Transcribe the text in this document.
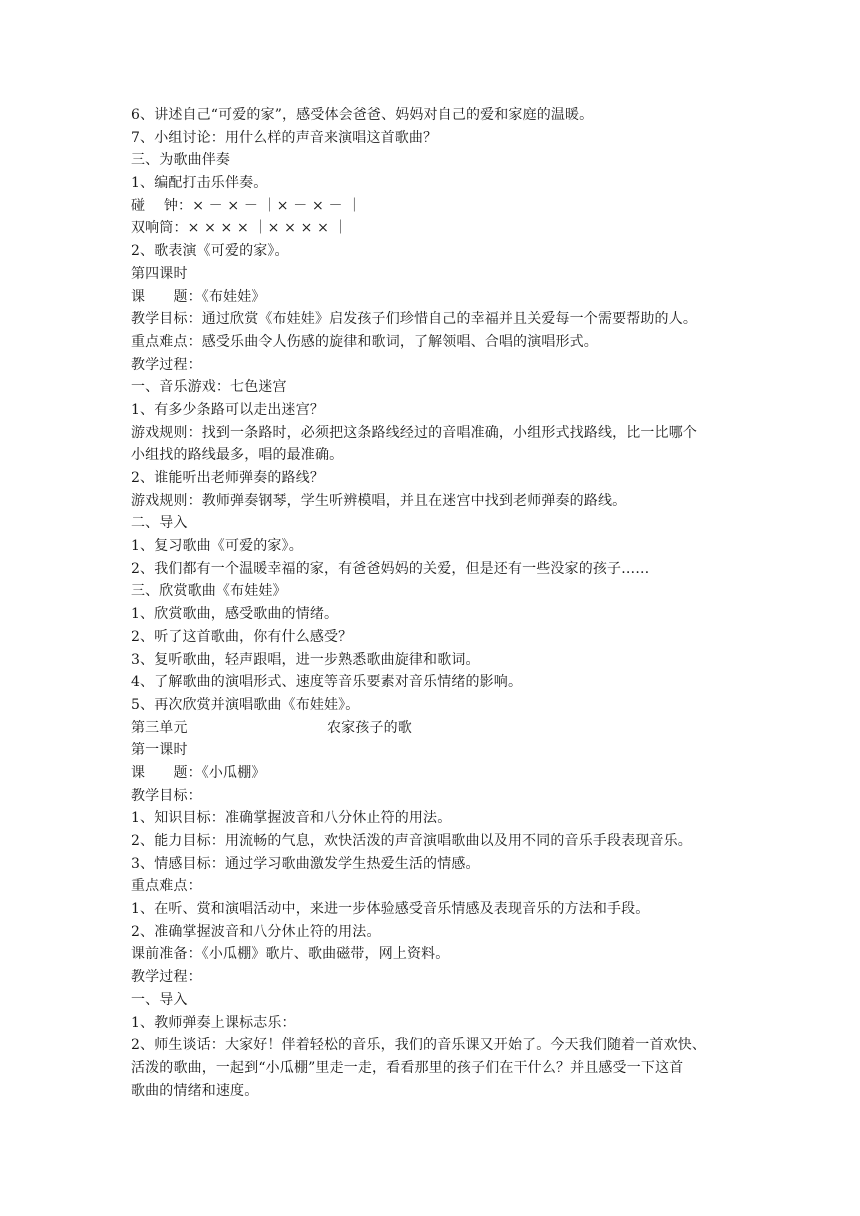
6、讲述自己“可爱的家”，感受体会爸爸、妈妈对自己的爱和家庭的温暖。
7、小组讨论：用什么样的声音来演唱这首歌曲？
三、为歌曲伴奏
1、编配打击乐伴奏。
碰　 钟：× － × － ｜× － × － ｜
双响筒：× × × × ｜× × × × ｜
2、歌表演《可爱的家》。
第四课时
课　　题：《布娃娃》
教学目标：通过欣赏《布娃娃》启发孩子们珍惜自己的幸福并且关爱每一个需要帮助的人。
重点难点：感受乐曲令人伤感的旋律和歌词，了解领唱、合唱的演唱形式。
教学过程：
一、音乐游戏：七色迷宫
1、有多少条路可以走出迷宫？
游戏规则：找到一条路时，必须把这条路线经过的音唱准确，小组形式找路线，比一比哪个
小组找的路线最多，唱的最准确。
2、谁能听出老师弹奏的路线？
游戏规则：教师弹奏钢琴，学生听辨模唱，并且在迷宫中找到老师弹奏的路线。
二、导入
1、复习歌曲《可爱的家》。
2、我们都有一个温暖幸福的家，有爸爸妈妈的关爱，但是还有一些没家的孩子……
三、欣赏歌曲《布娃娃》
1、欣赏歌曲，感受歌曲的情绪。
2、听了这首歌曲，你有什么感受？
3、复听歌曲，轻声跟唱，进一步熟悉歌曲旋律和歌词。
4、了解歌曲的演唱形式、速度等音乐要素对音乐情绪的影响。
5、再次欣赏并演唱歌曲《布娃娃》。
第三单元	农家孩子的歌
第一课时
课　　题：《小瓜棚》
教学目标：
1、知识目标：准确掌握波音和八分休止符的用法。
2、能力目标：用流畅的气息，欢快活泼的声音演唱歌曲以及用不同的音乐手段表现音乐。
3、情感目标：通过学习歌曲激发学生热爱生活的情感。
重点难点：
1、在听、赏和演唱活动中，来进一步体验感受音乐情感及表现音乐的方法和手段。
2、准确掌握波音和八分休止符的用法。
课前准备：《小瓜棚》歌片、歌曲磁带，网上资料。
教学过程：
一、导入
1、教师弹奏上课标志乐：
2、师生谈话：大家好！伴着轻松的音乐，我们的音乐课又开始了。今天我们随着一首欢快、
活泼的歌曲，一起到“小瓜棚”里走一走，看看那里的孩子们在干什么？并且感受一下这首
歌曲的情绪和速度。
